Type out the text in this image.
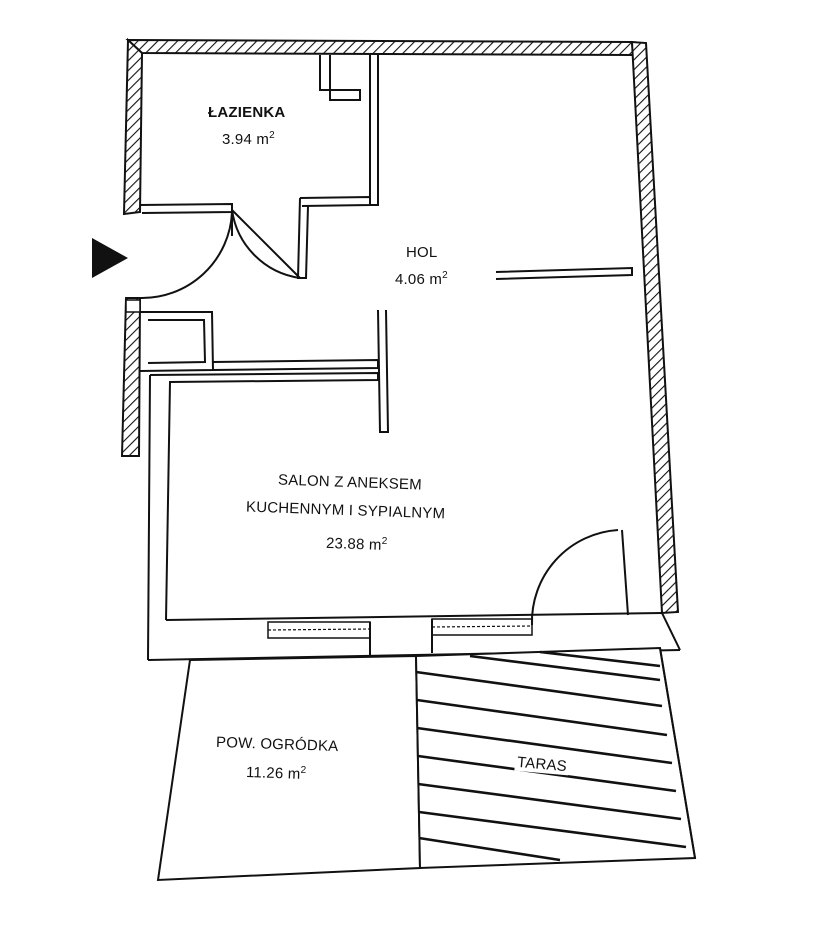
ŁAZIENKA
3.94 $m^2$
HOL
4.06 $m^2$
SALON Z ANEKSEM
KUCHENNYM I SYPIALNYM
23.88 $m^2$
POW. OGRÓDKA
11.26 $m^2$	TARAS
